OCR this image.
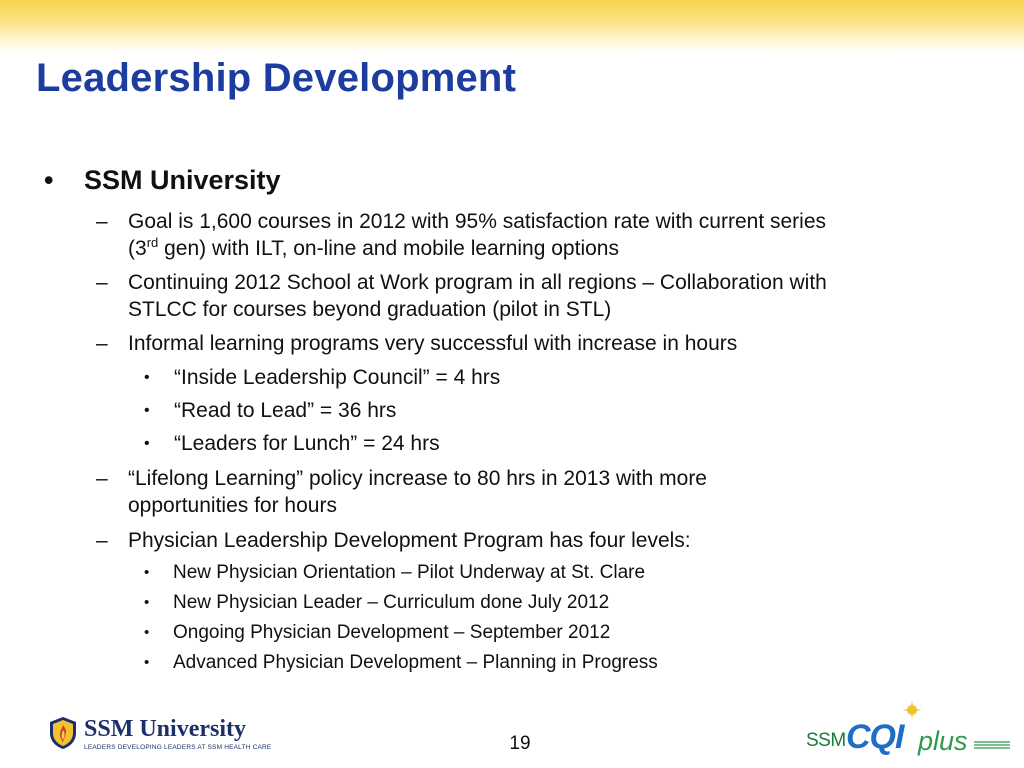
Leadership Development

• SSM University

– Goal is 1,600 courses in 2012 with 95% satisfaction rate with current series
(3rd gen) with ILT, on-line and mobile learning options

– Continuing 2012 School at Work program in all regions – Collaboration with
STLCC for courses beyond graduation (pilot in STL)

– Informal learning programs very successful with increase in hours

• “Inside Leadership Council” = 4 hrs

• “Read to Lead” = 36 hrs

• “Leaders for Lunch” = 24 hrs

– “Lifelong Learning” policy increase to 80 hrs in 2013 with more
opportunities for hours

– Physician Leadership Development Program has four levels:

• New Physician Orientation – Pilot Underway at St. Clare

• New Physician Leader – Curriculum done July 2012

• Ongoing Physician Development – September 2012

• Advanced Physician Development – Planning in Progress

SSM University
LEADERS DEVELOPING LEADERS AT SSM HEALTH CARE	19	SSM CQI plus
